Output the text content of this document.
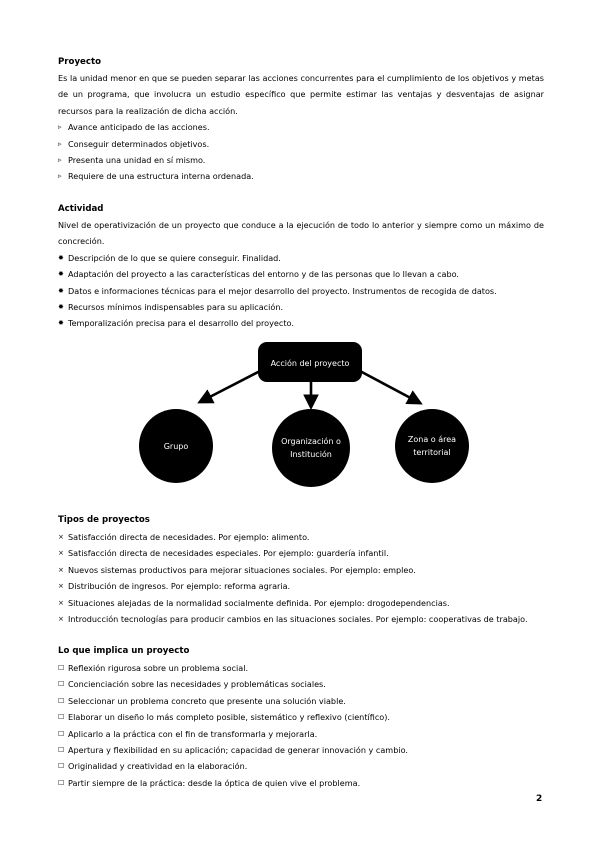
Proyecto

Es la unidad menor en que se pueden separar las acciones concurrentes para el cumplimiento de los objetivos y metas de un programa, que involucra un estudio específico que permite estimar las ventajas y desventajas de asignar recursos para la realización de dicha acción.

▹ Avance anticipado de las acciones.
▹ Conseguir determinados objetivos.
▹ Presenta una unidad en sí mismo.
▹ Requiere de una estructura interna ordenada.

Actividad

Nivel de operativización de un proyecto que conduce a la ejecución de todo lo anterior y siempre como un máximo de concreción.

✸ Descripción de lo que se quiere conseguir. Finalidad.
✸ Adaptación del proyecto a las características del entorno y de las personas que lo llevan a cabo.
✸ Datos e informaciones técnicas para el mejor desarrollo del proyecto. Instrumentos de recogida de datos.
✸ Recursos mínimos indispensables para su aplicación.
✸ Temporalización precisa para el desarrollo del proyecto.
Acción del proyecto
Grupo
Organización o
Institución
Zona o área
territorial

Tipos de proyectos

× Satisfacción directa de necesidades. Por ejemplo: alimento.
× Satisfacción directa de necesidades especiales. Por ejemplo: guardería infantil.
× Nuevos sistemas productivos para mejorar situaciones sociales. Por ejemplo: empleo.
× Distribución de ingresos. Por ejemplo: reforma agraria.
× Situaciones alejadas de la normalidad socialmente definida. Por ejemplo: drogodependencias.
× Introducción tecnologías para producir cambios en las situaciones sociales. Por ejemplo: cooperativas de trabajo.

Lo que implica un proyecto

☐ Reflexión rigurosa sobre un problema social.
☐ Concienciación sobre las necesidades y problemáticas sociales.
☐ Seleccionar un problema concreto que presente una solución viable.
☐ Elaborar un diseño lo más completo posible, sistemático y reflexivo (científico).
☐ Aplicarlo a la práctica con el fin de transformarla y mejorarla.
☐ Apertura y flexibilidad en su aplicación; capacidad de generar innovación y cambio.
☐ Originalidad y creatividad en la elaboración.
☐ Partir siempre de la práctica: desde la óptica de quien vive el problema.
2
